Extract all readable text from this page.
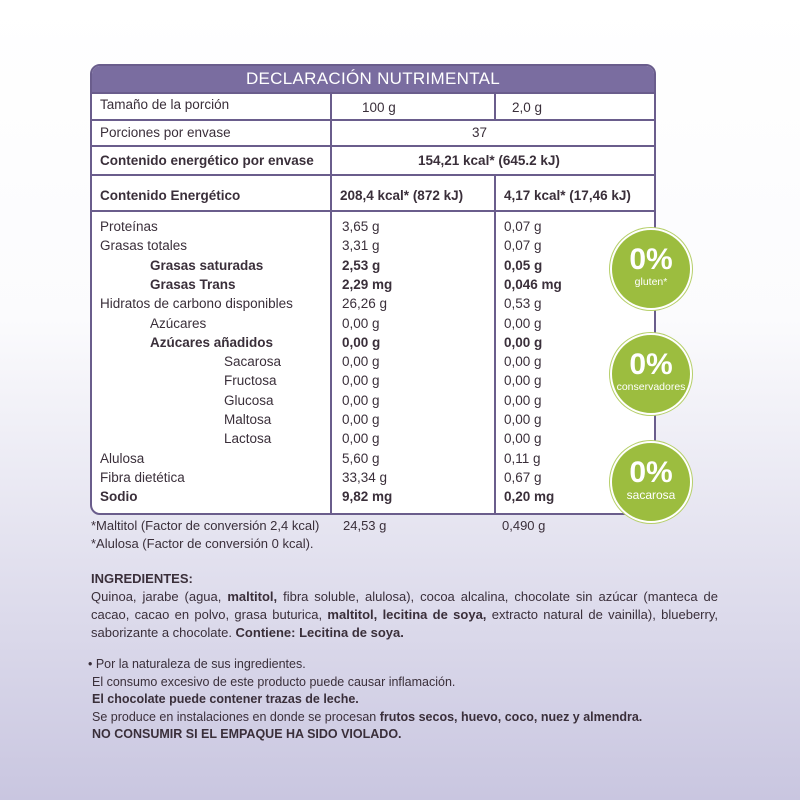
DECLARACIÓN NUTRIMENTAL
Tamaño de la porción	100 g	2,0 g
Porciones por envase	37
Contenido energético por envase	154,21 kcal* (645.2 kJ)
Contenido Energético	208,4 kcal* (872 kJ)	4,17 kcal* (17,46 kJ)
Proteínas	3,65 g	0,07 g
Grasas totales	3,31 g	0,07 g
Grasas saturadas	2,53 g	0,05 g
Grasas Trans	2,29 mg	0,046 mg
Hidratos de carbono disponibles	26,26 g	0,53 g
Azúcares	0,00 g	0,00 g
Azúcares añadidos	0,00 g	0,00 g
Sacarosa	0,00 g	0,00 g
Fructosa	0,00 g	0,00 g
Glucosa	0,00 g	0,00 g
Maltosa	0,00 g	0,00 g
Lactosa	0,00 g	0,00 g
Alulosa	5,60 g	0,11 g
Fibra dietética	33,34 g	0,67 g
Sodio	9,82 mg	0,20 mg
0%
gluten*
0%
conservadores
0%
sacarosa
*Maltitol (Factor de conversión 2,4 kcal) 24,53 g	0,490 g
*Alulosa (Factor de conversión 0 kcal).
INGREDIENTES:
Quinoa, jarabe (agua, maltitol, fibra soluble, alulosa), cocoa alcalina, chocolate sin azúcar (manteca de cacao, cacao en polvo, grasa buturica, maltitol, lecitina de soya, extracto natural de vainilla), blueberry, saborizante a chocolate. Contiene: Lecitina de soya.
• Por la naturaleza de sus ingredientes.
El consumo excesivo de este producto puede causar inflamación.
El chocolate puede contener trazas de leche.
Se produce en instalaciones en donde se procesan frutos secos, huevo, coco, nuez y almendra.
NO CONSUMIR SI EL EMPAQUE HA SIDO VIOLADO.
